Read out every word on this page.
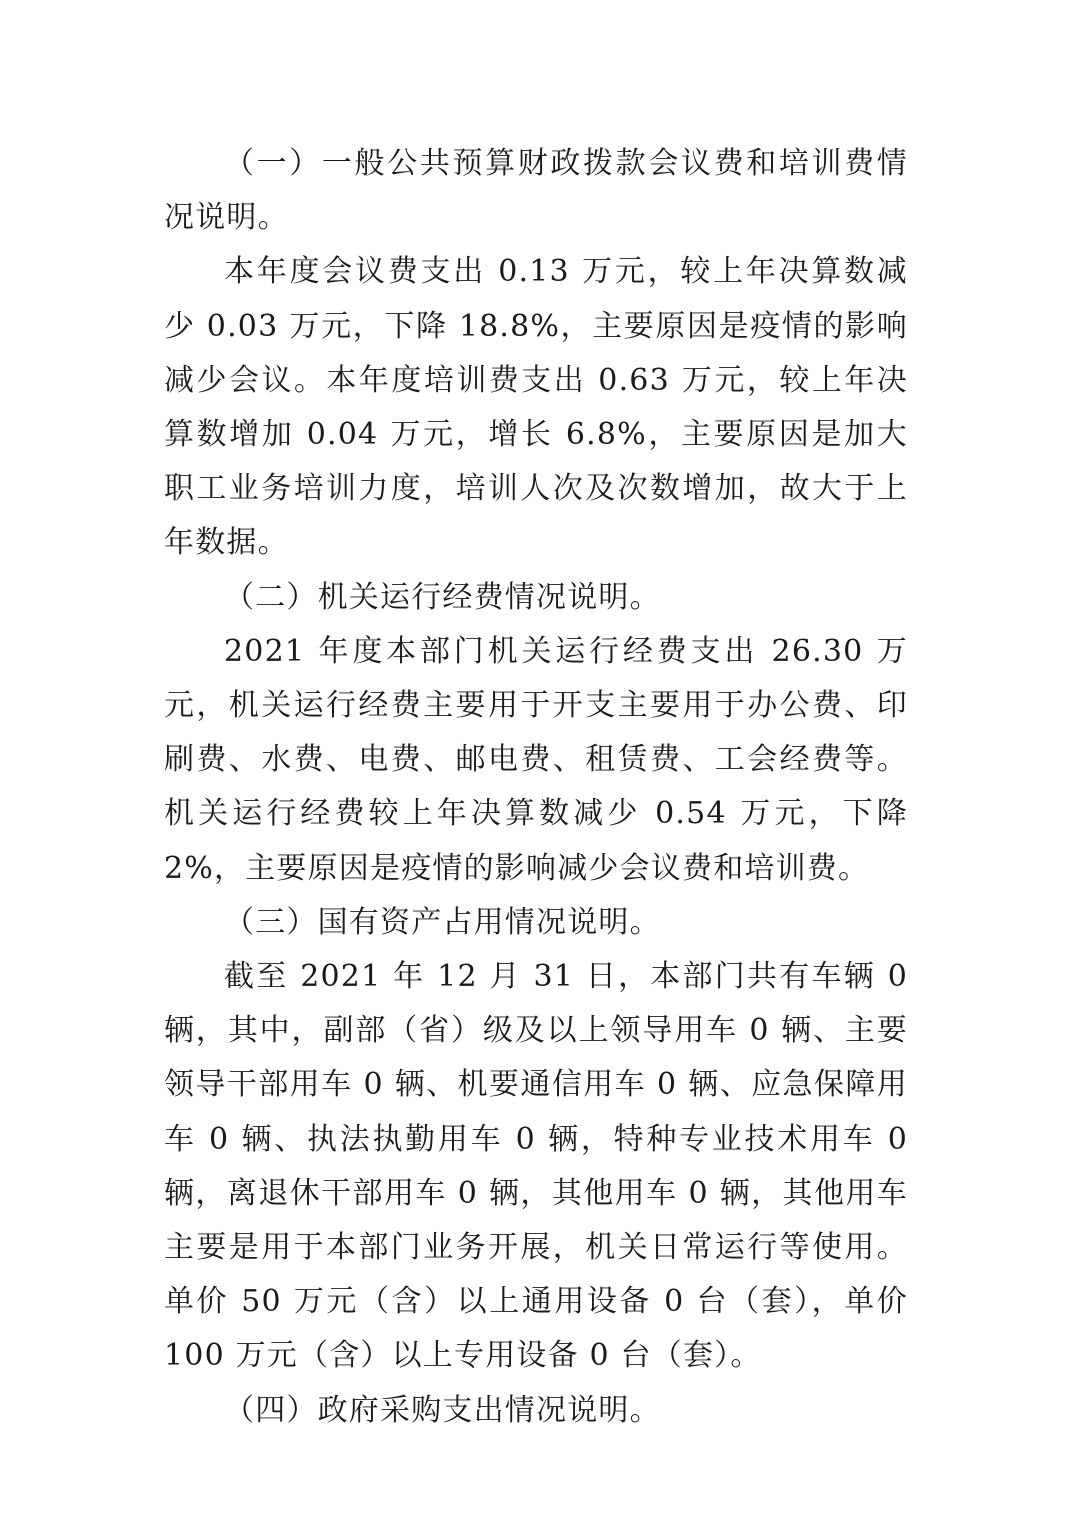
（一）一般公共预算财政拨款会议费和培训费情况说明。

本年度会议费支出 0.13 万元，较上年决算数减少 0.03 万元，下降 18.8%，主要原因是疫情的影响减少会议。本年度培训费支出 0.63 万元，较上年决算数增加 0.04 万元，增长 6.8%，主要原因是加大职工业务培训力度，培训人次及次数增加，故大于上年数据。

（二）机关运行经费情况说明。

2021 年度本部门机关运行经费支出 26.30 万元，机关运行经费主要用于开支主要用于办公费、印刷费、水费、电费、邮电费、租赁费、工会经费等。机关运行经费较上年决算数减少 0.54 万元，下降 2%，主要原因是疫情的影响减少会议费和培训费。

（三）国有资产占用情况说明。

截至 2021 年 12 月 31 日，本部门共有车辆 0 辆，其中，副部（省）级及以上领导用车 0 辆、主要领导干部用车 0 辆、机要通信用车 0 辆、应急保障用车 0 辆、执法执勤用车 0 辆，特种专业技术用车 0 辆，离退休干部用车 0 辆，其他用车 0 辆，其他用车主要是用于本部门业务开展，机关日常运行等使用。单价 50 万元（含）以上通用设备 0 台（套），单价 100 万元（含）以上专用设备 0 台（套）。

（四）政府采购支出情况说明。
